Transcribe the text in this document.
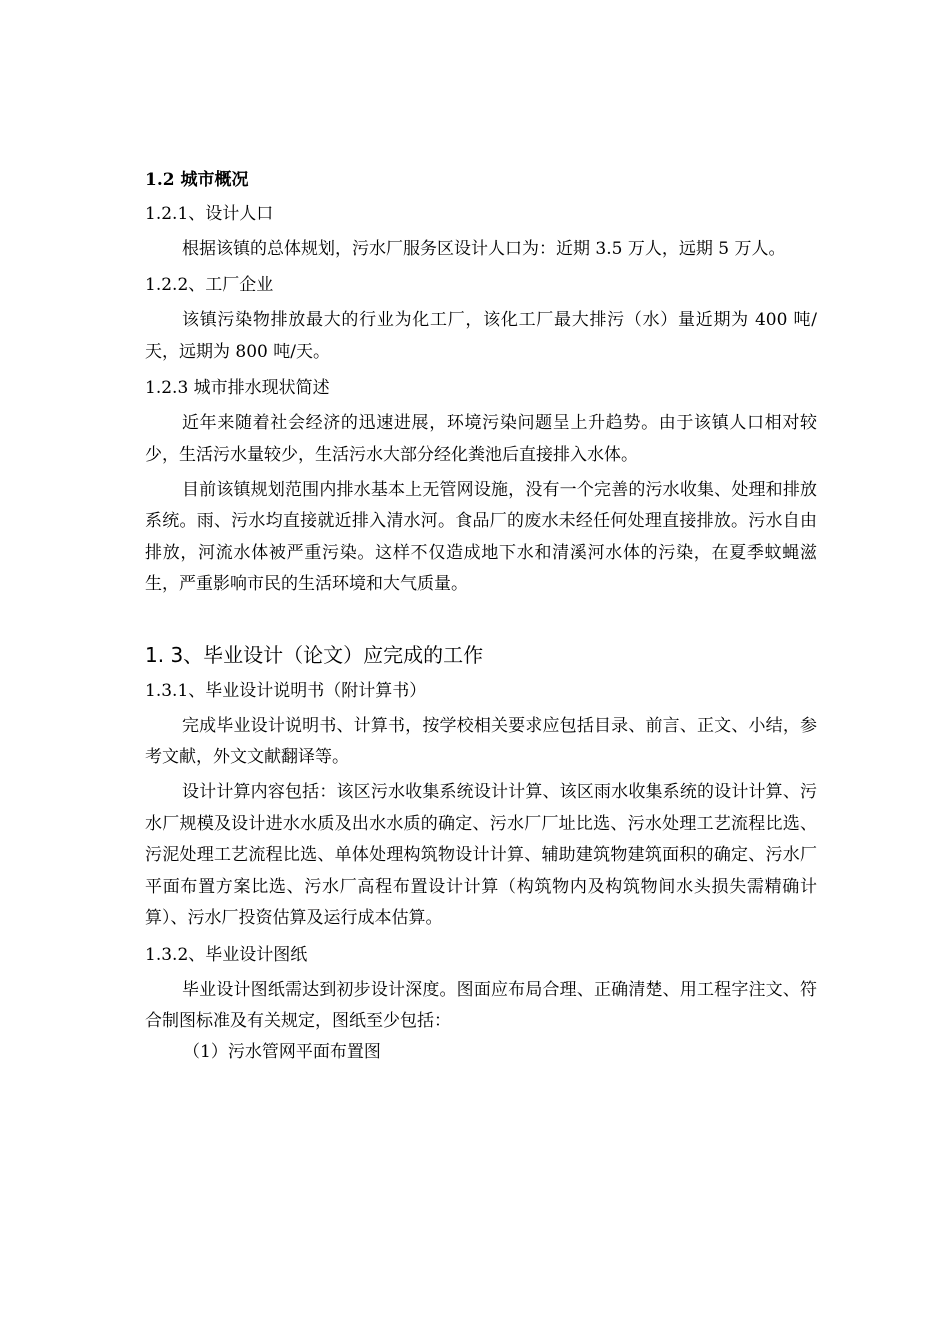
1.2 城市概况

1.2.1、设计人口

根据该镇的总体规划，污水厂服务区设计人口为：近期 3.5 万人，远期 5 万人。

1.2.2、工厂企业

该镇污染物排放最大的行业为化工厂，该化工厂最大排污（水）量近期为 400 吨/天，远期为 800 吨/天。

1.2.3 城市排水现状简述

近年来随着社会经济的迅速进展，环境污染问题呈上升趋势。由于该镇人口相对较少，生活污水量较少，生活污水大部分经化粪池后直接排入水体。

目前该镇规划范围内排水基本上无管网设施，没有一个完善的污水收集、处理和排放系统。雨、污水均直接就近排入清水河。食品厂的废水未经任何处理直接排放。污水自由排放，河流水体被严重污染。这样不仅造成地下水和清溪河水体的污染，在夏季蚊蝇滋生，严重影响市民的生活环境和大气质量。

1. 3、毕业设计（论文）应完成的工作

1.3.1、毕业设计说明书（附计算书）

完成毕业设计说明书、计算书，按学校相关要求应包括目录、前言、正文、小结，参考文献，外文文献翻译等。

设计计算内容包括：该区污水收集系统设计计算、该区雨水收集系统的设计计算、污水厂规模及设计进水水质及出水水质的确定、污水厂厂址比选、污水处理工艺流程比选、污泥处理工艺流程比选、单体处理构筑物设计计算、辅助建筑物建筑面积的确定、污水厂平面布置方案比选、污水厂高程布置设计计算（构筑物内及构筑物间水头损失需精确计算）、污水厂投资估算及运行成本估算。

1.3.2、毕业设计图纸

毕业设计图纸需达到初步设计深度。图面应布局合理、正确清楚、用工程字注文、符合制图标准及有关规定，图纸至少包括：

（1）污水管网平面布置图
